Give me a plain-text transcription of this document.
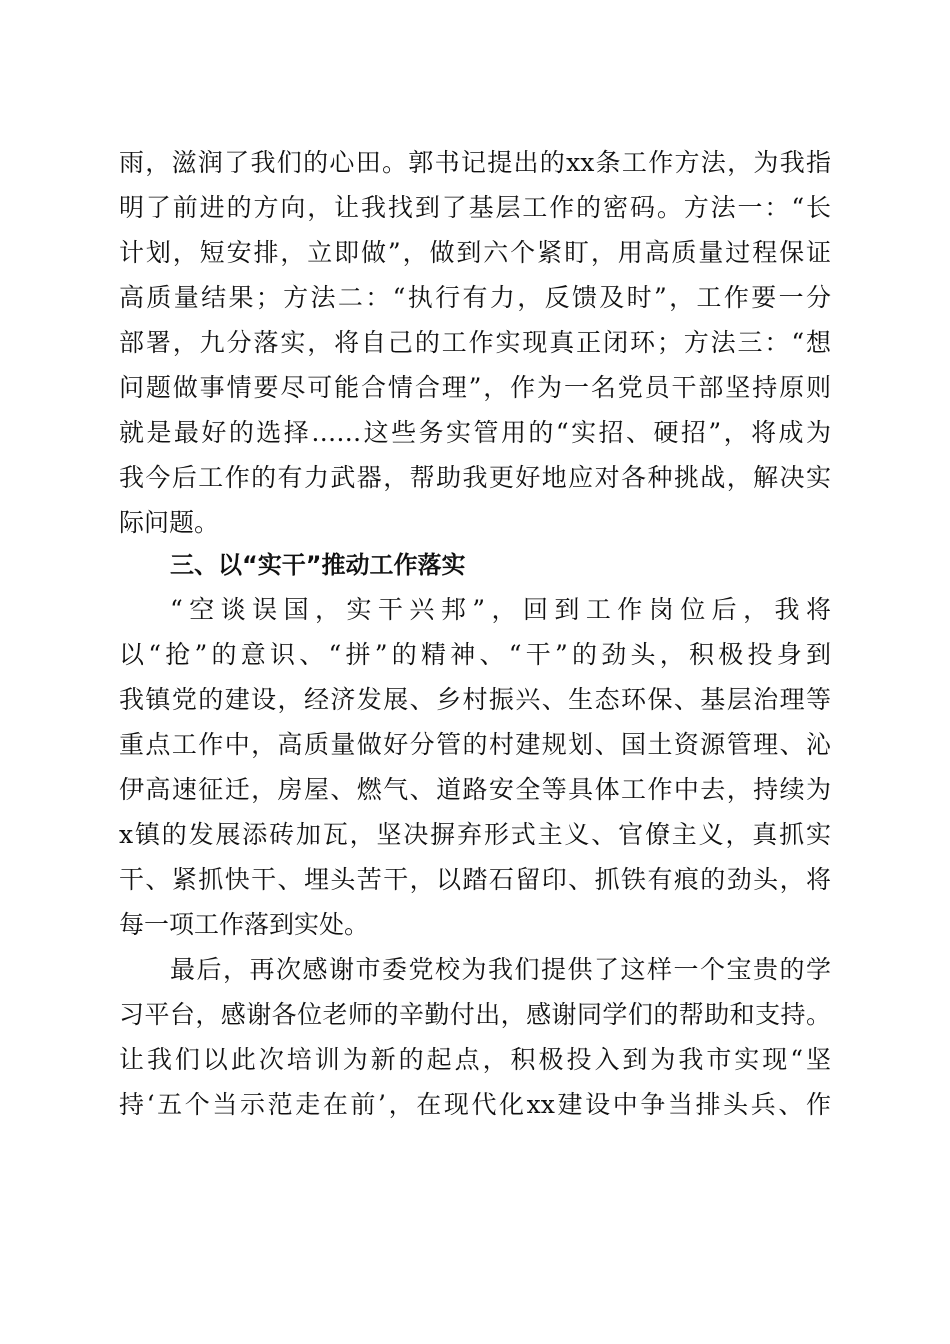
雨，滋润了我们的心田。郭书记提出的xx条工作方法，为我指
明了前进的方向，让我找到了基层工作的密码。方法一：“长
计划，短安排，立即做”，做到六个紧盯，用高质量过程保证
高质量结果；方法二：“执行有力，反馈及时”，工作要一分
部署，九分落实，将自己的工作实现真正闭环；方法三：“想
问题做事情要尽可能合情合理”，作为一名党员干部坚持原则
就是最好的选择……这些务实管用的“实招、硬招”，将成为
我今后工作的有力武器，帮助我更好地应对各种挑战，解决实
际问题。
三、以“实干”推动工作落实
“空谈误国，实干兴邦”，回到工作岗位后，我将
以“抢”的意识、“拼”的精神、“干”的劲头，积极投身到
我镇党的建设，经济发展、乡村振兴、生态环保、基层治理等
重点工作中，高质量做好分管的村建规划、国土资源管理、沁
伊高速征迁，房屋、燃气、道路安全等具体工作中去，持续为
x镇的发展添砖加瓦，坚决摒弃形式主义、官僚主义，真抓实
干、紧抓快干、埋头苦干，以踏石留印、抓铁有痕的劲头，将
每一项工作落到实处。
最后，再次感谢市委党校为我们提供了这样一个宝贵的学
习平台，感谢各位老师的辛勤付出，感谢同学们的帮助和支持。
让我们以此次培训为新的起点，积极投入到为我市实现“坚
持‘五个当示范走在前’，在现代化xx建设中争当排头兵、作
